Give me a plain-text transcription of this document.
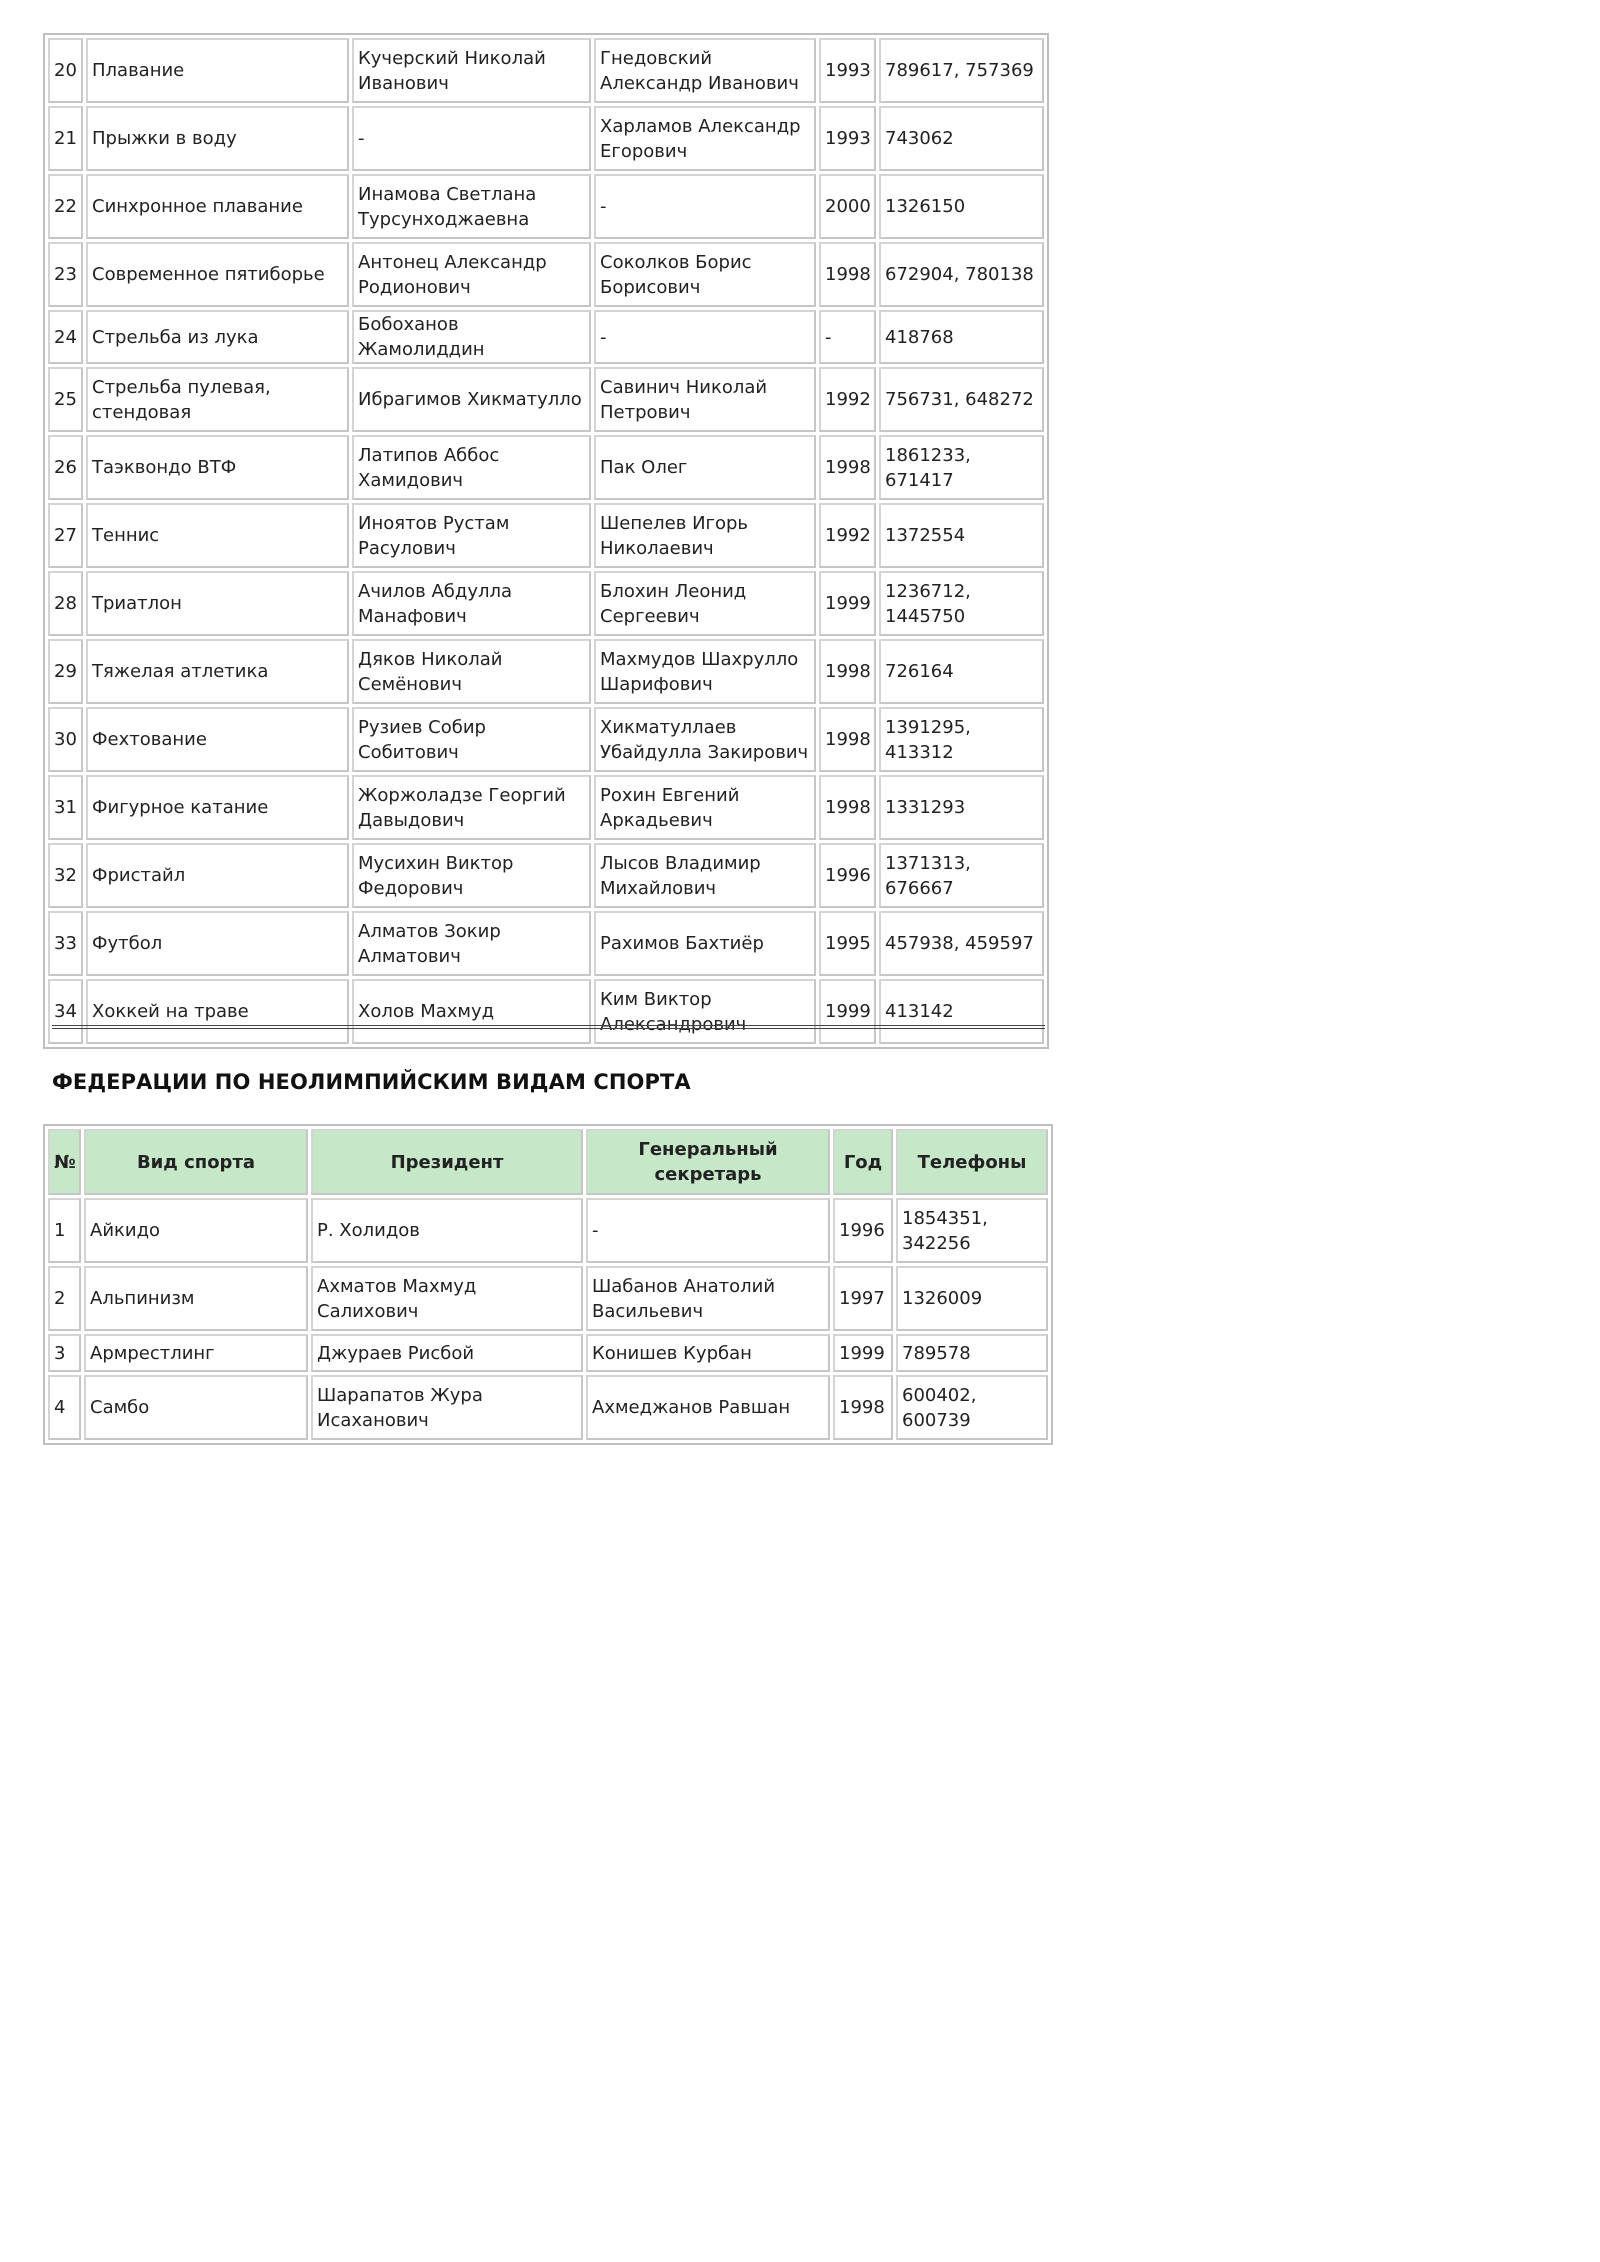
20	Плавание	Кучерский Николай Иванович	Гнедовский Александр Иванович	1993	789617, 757369
21	Прыжки в воду	-	Харламов Александр Егорович	1993	743062
22	Синхронное плавание	Инамова Светлана Турсунходжаевна	-	2000	1326150
23	Современное пятиборье	Антонец Александр Родионович	Соколков Борис Борисович	1998	672904, 780138
24	Стрельба из лука	Бобоханов Жамолиддин	-	-	418768
25	Стрельба пулевая, стендовая	Ибрагимов Хикматулло	Савинич Николай Петрович	1992	756731, 648272
26	Таэквондо ВТФ	Латипов Аббос Хамидович	Пак Олег	1998	1861233, 671417
27	Теннис	Иноятов Рустам Расулович	Шепелев Игорь Николаевич	1992	1372554
28	Триатлон	Ачилов Абдулла Манафович	Блохин Леонид Сергеевич	1999	1236712, 1445750
29	Тяжелая атлетика	Дяков Николай Семёнович	Махмудов Шахрулло Шарифович	1998	726164
30	Фехтование	Рузиев Собир Собитович	Хикматуллаев Убайдулла Закирович	1998	1391295, 413312
31	Фигурное катание	Жоржоладзе Георгий Давыдович	Рохин Евгений Аркадьевич	1998	1331293
32	Фристайл	Мусихин Виктор Федорович	Лысов Владимир Михайлович	1996	1371313, 676667
33	Футбол	Алматов Зокир Алматович	Рахимов Бахтиёр	1995	457938, 459597
34	Хоккей на траве	Холов Махмуд	Ким Виктор Александрович	1999	413142
ФЕДЕРАЦИИ ПО НЕОЛИМПИЙСКИМ ВИДАМ СПОРТА
№	Вид спорта	Президент	Генеральный секретарь	Год	Телефоны
1	Айкидо	Р. Холидов	-	1996	1854351, 342256
2	Альпинизм	Ахматов Махмуд Салихович	Шабанов Анатолий Васильевич	1997	1326009
3	Армрестлинг	Джураев Рисбой	Конишев Курбан	1999	789578
4	Самбо	Шарапатов Жура Исаханович	Ахмеджанов Равшан	1998	600402, 600739
